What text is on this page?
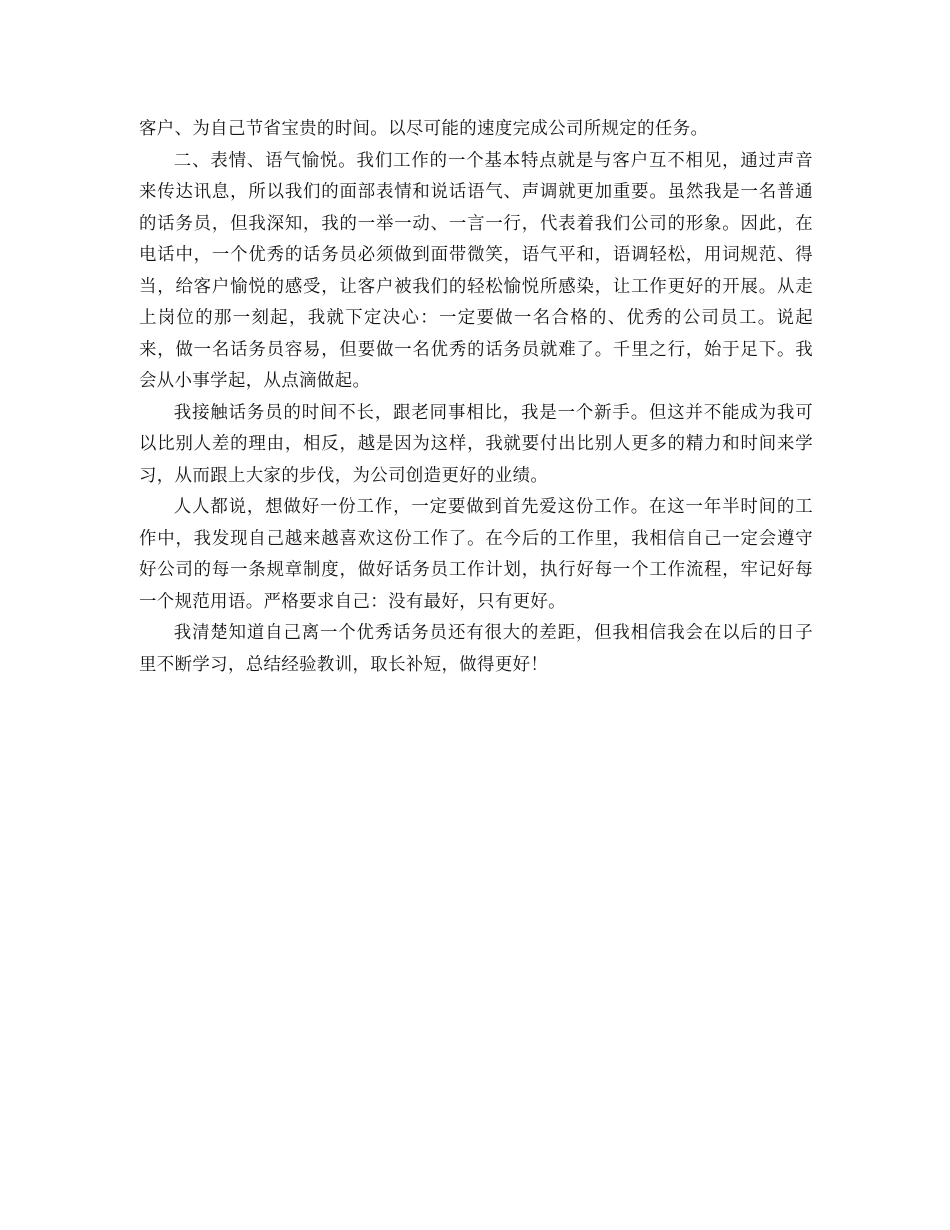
客户、为自己节省宝贵的时间。以尽可能的速度完成公司所规定的任务。

二、表情、语气愉悦。我们工作的一个基本特点就是与客户互不相见，通过声音来传达讯息，所以我们的面部表情和说话语气、声调就更加重要。虽然我是一名普通的话务员，但我深知，我的一举一动、一言一行，代表着我们公司的形象。因此，在电话中，一个优秀的话务员必须做到面带微笑，语气平和，语调轻松，用词规范、得当，给客户愉悦的感受，让客户被我们的轻松愉悦所感染，让工作更好的开展。从走上岗位的那一刻起，我就下定决心：一定要做一名合格的、优秀的公司员工。说起来，做一名话务员容易，但要做一名优秀的话务员就难了。千里之行，始于足下。我会从小事学起，从点滴做起。

我接触话务员的时间不长，跟老同事相比，我是一个新手。但这并不能成为我可以比别人差的理由，相反，越是因为这样，我就要付出比别人更多的精力和时间来学习，从而跟上大家的步伐，为公司创造更好的业绩。

人人都说，想做好一份工作，一定要做到首先爱这份工作。在这一年半时间的工作中，我发现自己越来越喜欢这份工作了。在今后的工作里，我相信自己一定会遵守好公司的每一条规章制度，做好话务员工作计划，执行好每一个工作流程，牢记好每一个规范用语。严格要求自己：没有最好，只有更好。

我清楚知道自己离一个优秀话务员还有很大的差距，但我相信我会在以后的日子里不断学习，总结经验教训，取长补短，做得更好！
